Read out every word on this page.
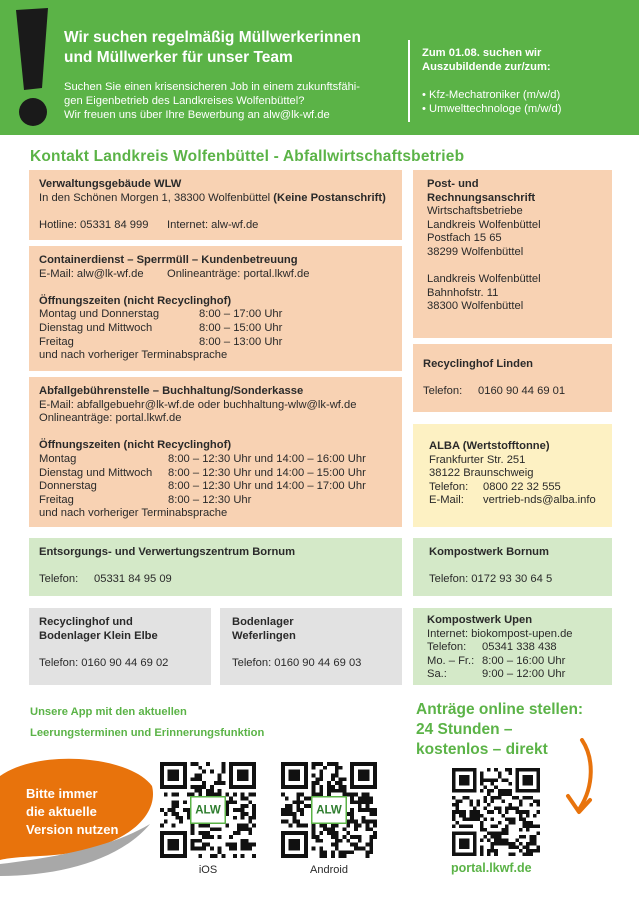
Wir suchen regelmäßig Müllwerkerinnen
und Müllwerker für unser Team
Suchen Sie einen krisensicheren Job in einem zukunftsfähi-
gen Eigenbetrieb des Landkreises Wolfenbüttel?
Wir freuen uns über Ihre Bewerbung an alw@lk-wf.de
Zum 01.08. suchen wir
Auszubildende zur/zum:
• Kfz-Mechatroniker (m/w/d)
• Umwelttechnologe (m/w/d)
Kontakt Landkreis Wolfenbüttel - Abfallwirtschaftsbetrieb
Verwaltungsgebäude WLW
In den Schönen Morgen 1, 38300 Wolfenbüttel (Keine Postanschrift)
Hotline: 05331 84 999	Internet: alw-wf.de
Containerdienst – Sperrmüll – Kundenbetreuung
E-Mail: alw@lk-wf.de	Onlineanträge: portal.lkwf.de
Öffnungszeiten (nicht Recyclinghof)
Montag und Donnerstag	8:00 – 17:00 Uhr
Dienstag und Mittwoch	8:00 – 15:00 Uhr
Freitag	8:00 – 13:00 Uhr
und nach vorheriger Terminabsprache
Abfallgebührenstelle – Buchhaltung/Sonderkasse
E-Mail: abfallgebuehr@lk-wf.de oder buchhaltung-wlw@lk-wf.de
Onlineanträge: portal.lkwf.de
Öffnungszeiten (nicht Recyclinghof)
Montag	8:00 – 12:30 Uhr und 14:00 – 16:00 Uhr
Dienstag und Mittwoch	8:00 – 12:30 Uhr und 14:00 – 15:00 Uhr
Donnerstag	8:00 – 12:30 Uhr und 14:00 – 17:00 Uhr
Freitag	8:00 – 12:30 Uhr
und nach vorheriger Terminabsprache
Post- und
Rechnungsanschrift
Wirtschaftsbetriebe
Landkreis Wolfenbüttel
Postfach 15 65
38299 Wolfenbüttel
Landkreis Wolfenbüttel
Bahnhofstr. 11
38300 Wolfenbüttel
Recyclinghof Linden
Telefon:	0160 90 44 69 01
ALBA (Wertstofftonne)
Frankfurter Str. 251
38122 Braunschweig
Telefon:	0800 22 32 555
E-Mail:	vertrieb-nds@alba.info
Entsorgungs- und Verwertungszentrum Bornum
Telefon:	05331 84 95 09
Kompostwerk Bornum
Telefon: 0172 93 30 64 5
Recyclinghof und
Bodenlager Klein Elbe
Telefon: 0160 90 44 69 02
Bodenlager
Weferlingen
Telefon: 0160 90 44 69 03
Kompostwerk Upen
Internet: biokompost-upen.de
Telefon:	05341 338 438
Mo. – Fr.: 8:00 – 16:00 Uhr
Sa.:	9:00 – 12:00 Uhr
Unsere App mit den aktuellen
Leerungsterminen und Erinnerungsfunktion
Bitte immer
die aktuelle
Version nutzen
ALW
iOS
ALW
Android
Anträge online stellen:
24 Stunden –
kostenlos – direkt
portal.lkwf.de
